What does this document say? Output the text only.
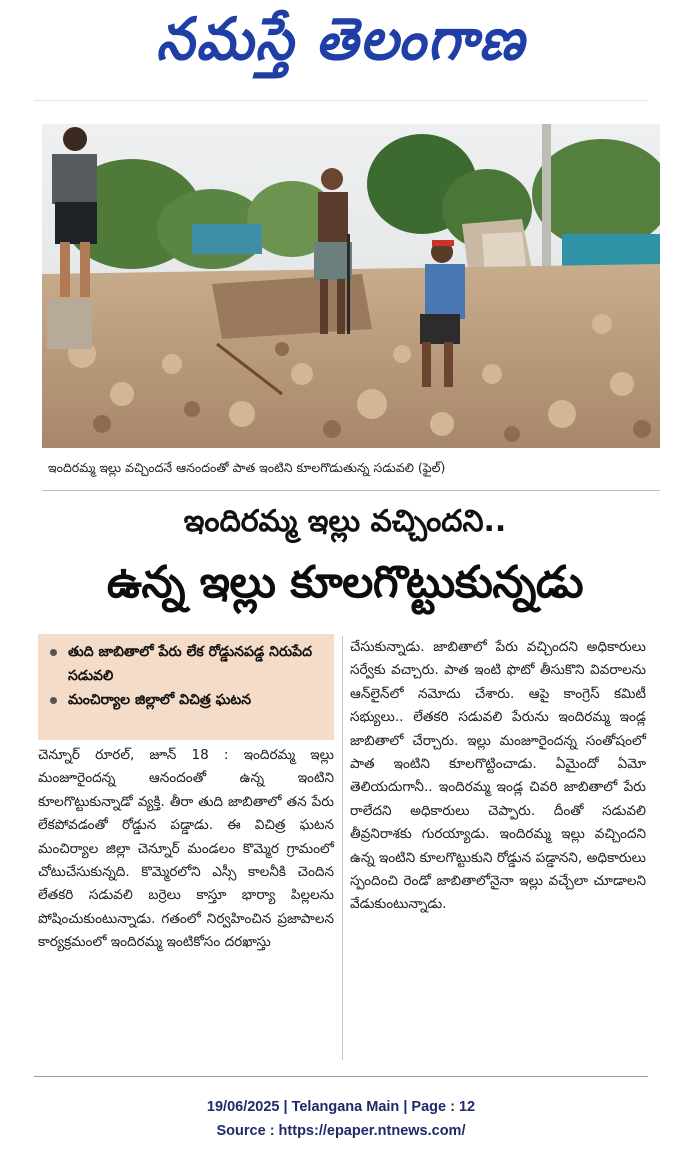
నమస్తే తెలంగాణ
ఇందిరమ్మ ఇల్లు వచ్చిందనే ఆనందంతో పాత ఇంటిని కూలగొడుతున్న సడువలి (ఫైల్)
ఇందిరమ్మ ఇల్లు వచ్చిందని..
ఉన్న ఇల్లు కూలగొట్టుకున్నడు
తుది జాబితాలో పేరు లేక రోడ్డునపడ్డ నిరుపేద సడువలి
మంచిర్యాల జిల్లాలో విచిత్ర ఘటన
చెన్నూర్ రూరల్, జూన్ 18 : ఇందిరమ్మ ఇల్లు మంజూరైందన్న ఆనందంతో ఉన్న ఇంటిని కూలగొట్టుకున్నాడో వ్యక్తి. తీరా తుది జాబితాలో తన పేరు లేకపోవడంతో రోడ్డున పడ్డాడు. ఈ విచిత్ర ఘటన మంచిర్యాల జిల్లా చెన్నూర్ మండలం కొమ్మెర గ్రామంలో చోటుచేసుకున్నది. కొమ్మెరలోని ఎస్సీ కాలనీకి చెందిన లేతకరి సడువలి బర్రెలు కాస్తూ భార్యా పిల్లలను పోషించుకుంటున్నాడు. గతంలో నిర్వహించిన ప్రజాపాలన కార్యక్రమంలో ఇందిరమ్మ ఇంటికోసం దరఖాస్తు
చేసుకున్నాడు. జాబితాలో పేరు వచ్చిందని అధికారులు సర్వేకు వచ్చారు. పాత ఇంటి ఫొటో తీసుకొని వివరాలను ఆన్‌లైన్‌లో నమోదు చేశారు. ఆపై కాంగ్రెస్ కమిటీ సభ్యులు.. లేతకరి సడువలి పేరును ఇందిరమ్మ ఇండ్ల జాబితాలో చేర్చారు. ఇల్లు మంజూరైందన్న సంతోషంలో పాత ఇంటిని కూలగొట్టించాడు. ఏమైందో ఏమో తెలియదుగానీ.. ఇందిరమ్మ ఇండ్ల చివరి జాబితాలో పేరు రాలేదని అధికారులు చెప్పారు. దీంతో సడువలి తీవ్రనిరాశకు గురయ్యాడు. ఇందిరమ్మ ఇల్లు వచ్చిందని ఉన్న ఇంటిని కూలగొట్టుకుని రోడ్డున పడ్డానని, అధికారులు స్పందించి రెండో జాబితాలోనైనా ఇల్లు వచ్చేలా చూడాలని వేడుకుంటున్నాడు.
19/06/2025 | Telangana Main | Page : 12
Source : https://epaper.ntnews.com/
